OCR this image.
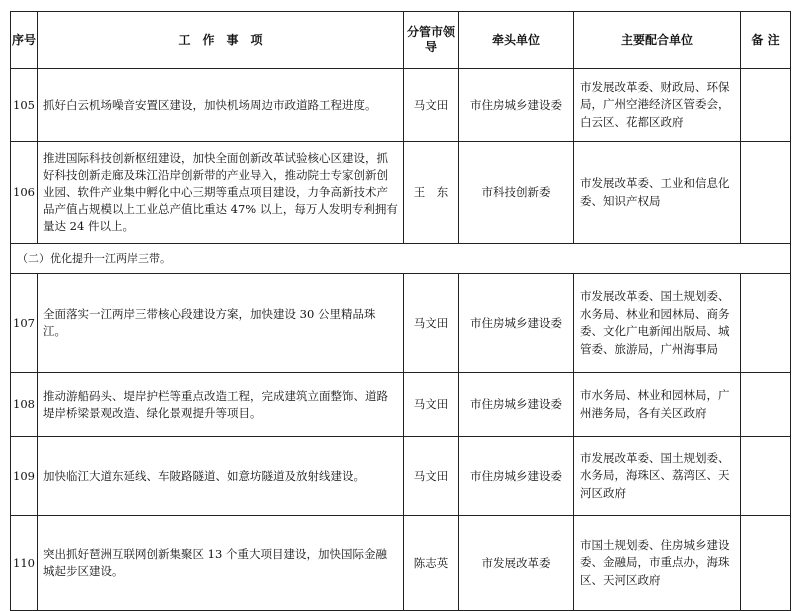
序号	工　作　事　项	分管市领导	牵头单位	主要配合单位	备 注
105	抓好白云机场噪音安置区建设，加快机场周边市政道路工程进度。	马文田	市住房城乡建设委	市发展改革委、财政局、环保局，广州空港经济区管委会，白云区、花都区政府	
106	推进国际科技创新枢纽建设，加快全面创新改革试验核心区建设，抓好科技创新走廊及珠江沿岸创新带的产业导入，推动院士专家创新创业园、软件产业集中孵化中心三期等重点项目建设，力争高新技术产品产值占规模以上工业总产值比重达 47% 以上，每万人发明专利拥有量达 24 件以上。	王　东	市科技创新委	市发展改革委、工业和信息化委、知识产权局	
（二）优化提升一江两岸三带。					
107	全面落实一江两岸三带核心段建设方案，加快建设 30 公里精品珠江。	马文田	市住房城乡建设委	市发展改革委、国土规划委、水务局、林业和园林局、商务委、文化广电新闻出版局、城管委、旅游局，广州海事局	
108	推动游船码头、堤岸护栏等重点改造工程，完成建筑立面整饰、道路堤岸桥梁景观改造、绿化景观提升等项目。	马文田	市住房城乡建设委	市水务局、林业和园林局，广州港务局，各有关区政府	
109	加快临江大道东延线、车陂路隧道、如意坊隧道及放射线建设。	马文田	市住房城乡建设委	市发展改革委、国土规划委、水务局，海珠区、荔湾区、天河区政府	
110	突出抓好琶洲互联网创新集聚区 13 个重大项目建设，加快国际金融城起步区建设。	陈志英	市发展改革委	市国土规划委、住房城乡建设委、金融局，市重点办，海珠区、天河区政府	
